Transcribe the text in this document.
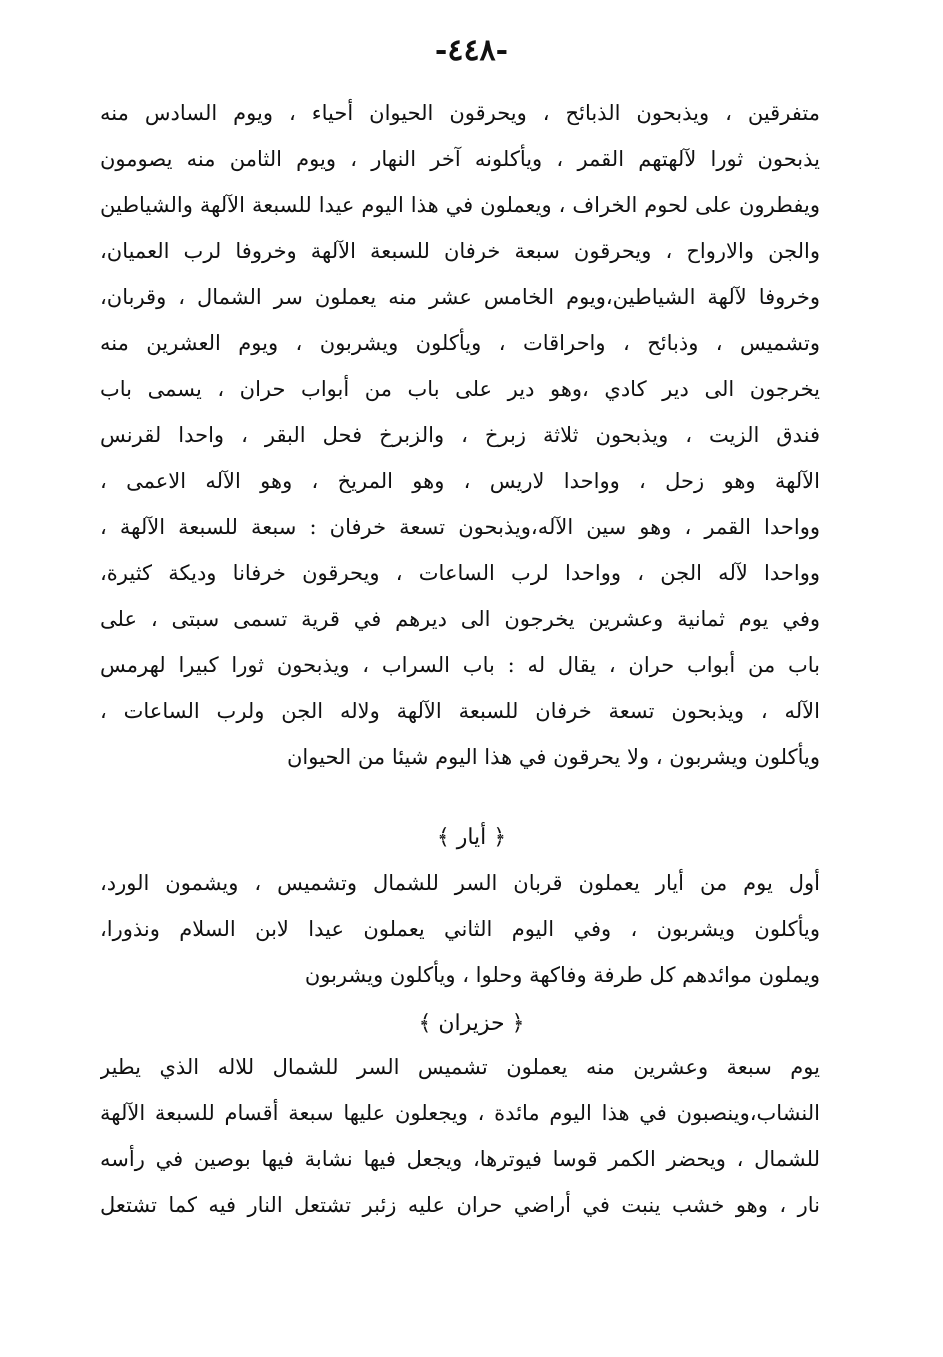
-٤٤٨-
متفرقين ، ويذبحون الذبائح ، ويحرقون الحيوان أحياء ، ويوم السادس منه
يذبحون ثورا لآلهتهم القمر ، ويأكلونه آخر النهار ، ويوم الثامن منه يصومون
ويفطرون على لحوم الخراف ، ويعملون في هذا اليوم عيدا للسبعة الآلهة والشياطين
والجن والارواح ، ويحرقون سبعة خرفان للسبعة الآلهة وخروفا لرب العميان،
وخروفا لآلهة الشياطين،ويوم الخامس عشر منه يعملون سر الشمال ، وقربان،
وتشميس ، وذبائح ، واحراقات ، ويأكلون ويشربون ، ويوم العشرين منه
يخرجون الى دير كادي ،وهو دير على باب من أبواب حران ، يسمى باب
فندق الزيت ، ويذبحون ثلاثة زبرخ ، والزبرخ فحل البقر ، واحدا لقرنس
الآلهة وهو زحل ، وواحدا لاريس ، وهو المريخ ، وهو الآله الاعمى ،
وواحدا القمر ، وهو سين الآله،ويذبحون تسعة خرفان : سبعة للسبعة الآلهة ،
وواحدا لآله الجن ، وواحدا لرب الساعات ، ويحرقون خرفانا وديكة كثيرة،
وفي يوم ثمانية وعشرين يخرجون الى ديرهم في قرية تسمى سبتى ، على
باب من أبواب حران ، يقال له : باب السراب ، ويذبحون ثورا كبيرا لهرمس
الآله ، ويذبحون تسعة خرفان للسبعة الآلهة ولاله الجن ولرب الساعات ،
ويأكلون ويشربون ، ولا يحرقون في هذا اليوم شيئا من الحيوان
﴿ أيار ﴾
أول يوم من أيار يعملون قربان السر للشمال وتشميس ، ويشمون الورد،
ويأكلون ويشربون ، وفي اليوم الثاني يعملون عيدا لابن السلام ونذورا،
ويملون موائدهم كل طرفة وفاكهة وحلوا ، ويأكلون ويشربون
﴿ حزيران ﴾
يوم سبعة وعشرين منه يعملون تشميس السر للشمال للاله الذي يطير
النشاب،وينصبون في هذا اليوم مائدة ، ويجعلون عليها سبعة أقسام للسبعة الآلهة
للشمال ، ويحضر الكمر قوسا فيوترها، ويجعل فيها نشابة فيها بوصين في رأسه
نار ، وهو خشب ينبت في أراضي حران عليه زئبر تشتعل النار فيه كما تشتعل
